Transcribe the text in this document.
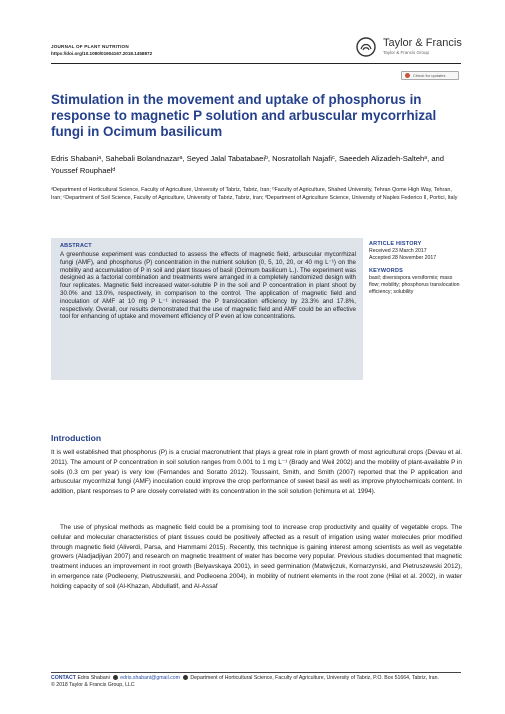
JOURNAL OF PLANT NUTRITION
https://doi.org/10.1080/01904167.2018.1458872
Taylor & Francis
Taylor & Francis Group
Check for updates
Stimulation in the movement and uptake of phosphorus in response to magnetic P solution and arbuscular mycorrhizal fungi in Ocimum basilicum
Edris Shabaniᵃ, Sahebali Bolandnazarᵃ, Seyed Jalal Tabatabaeiᵇ, Nosratollah Najafiᶜ, Saeedeh Alizadeh-Saltehᵃ, and Youssef Rouphaelᵈ
ᵃDepartment of Horticultural Science, Faculty of Agriculture, University of Tabriz, Tabriz, Iran; ᵇFaculty of Agriculture, Shahed University, Tehran Qome High Way, Tehran, Iran; ᶜDepartment of Soil Science, Faculty of Agriculture, University of Tabriz, Tabriz, Iran; ᵈDepartment of Agriculture Science, University of Naples Federico II, Portici, Italy
ABSTRACT

A greenhouse experiment was conducted to assess the effects of magnetic field, arbuscular mycorrhizal fungi (AMF), and phosphorus (P) concentration in the nutrient solution (0, 5, 10, 20, or 40 mg L⁻¹) on the mobility and accumulation of P in soil and plant tissues of basil (Ocimum basilicum L.). The experiment was designed as a factorial combination and treatments were arranged in a completely randomized design with four replicates. Magnetic field increased water-soluble P in the soil and P concentration in plant shoot by 30.0% and 13.0%, respectively, in comparison to the control. The application of magnetic field and inoculation of AMF at 10 mg P L⁻¹ increased the P translocation efficiency by 23.3% and 17.8%, respectively. Overall, our results demonstrated that the use of magnetic field and AMF could be an effective tool for enhancing of uptake and movement efficiency of P even at low concentrations.

ARTICLE HISTORY
Received 23 March 2017
Accepted 28 November 2017
KEYWORDS
basil; diversispora versiformis; mass flow; mobility; phosphorus translocation efficiency; solubility
Introduction

It is well established that phosphorus (P) is a crucial macronutrient that plays a great role in plant growth of most agricultural crops (Devau et al. 2011). The amount of P concentration in soil solution ranges from 0.001 to 1 mg L⁻¹ (Brady and Weil 2002) and the mobility of plant-available P in soils (0.3 cm per year) is very low (Fernandes and Soratto 2012). Toussaint, Smith, and Smith (2007) reported that the P application and arbuscular mycorrhizal fungi (AMF) inoculation could improve the crop performance of sweet basil as well as improve phytochemicals content. In addition, plant responses to P are closely correlated with its concentration in the soil solution (Ichimura et al. 1994).

The use of physical methods as magnetic field could be a promising tool to increase crop productivity and quality of vegetable crops. The cellular and molecular characteristics of plant tissues could be positively affected as a result of irrigation using water molecules prior modified through magnetic field (Aliverdi, Parsa, and Hammami 2015). Recently, this technique is gaining interest among scientists as well as vegetable growers (Aladjadjiyan 2007) and research on magnetic treatment of water has become very popular. Previous studies documented that magnetic treatment induces an improvement in root growth (Belyavskaya 2001), in seed germination (Matwijczuk, Kornarzynski, and Pietruszewski 2012), in emergence rate (Podleoeny, Pietruszewski, and Podleoena 2004), in mobility of nutrient elements in the root zone (Hilal et al. 2002), in water holding capacity of soil (Al-Khazan, Abdullatif, and Al-Assaf

CONTACT Edris Shabani edris.shabani@gmail.com Department of Horticultural Science, Faculty of Agriculture, University of Tabriz, P.O. Box 51664, Tabriz, Iran.
© 2018 Taylor & Francis Group, LLC
